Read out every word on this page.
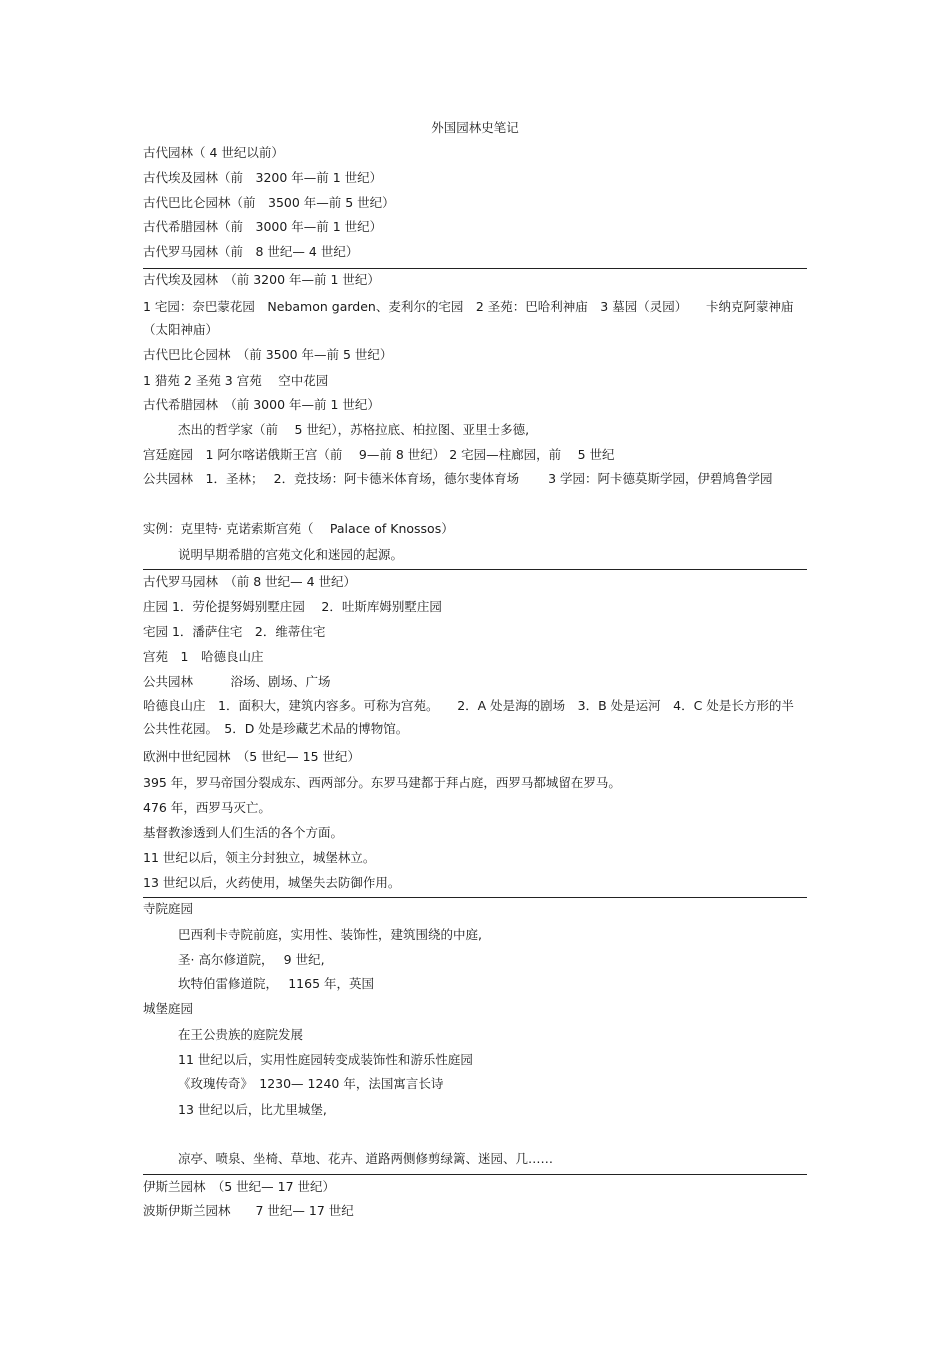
外国园林史笔记
古代园林（ 4 世纪以前）
古代埃及园林（前　3200 年—前 1 世纪）
古代巴比仑园林（前　3500 年—前 5 世纪）
古代希腊园林（前　3000 年—前 1 世纪）
古代罗马园林（前　8 世纪— 4 世纪）
古代埃及园林　（前 3200 年—前 1 世纪）
1 宅园：奈巴蒙花园　Nebamon garden、麦利尔的宅园　2 圣苑：巴哈利神庙　3 墓园（灵园）　　卡纳克阿蒙神庙（太阳神庙）
古代巴比仑园林　（前 3500 年—前 5 世纪）
1 猎苑 2 圣苑 3 宫苑　 空中花园
古代希腊园林　（前 3000 年—前 1 世纪）
杰出的哲学家（前　 5 世纪），苏格拉底、柏拉图、亚里士多德,
宫廷庭园　1 阿尔喀诺俄斯王宫（前　 9—前 8 世纪） 2 宅园—柱廊园，前　 5 世纪
公共园林　1．圣林；　 2．竞技场：阿卡德米体育场，德尔斐体育场　　 3 学园：阿卡德莫斯学园，伊碧鸠鲁学园
实例：克里特· 克诺索斯宫苑（　 Palace of Knossos）
说明早期希腊的宫苑文化和迷园的起源。
古代罗马园林　（前 8 世纪— 4 世纪）
庄园 1．劳伦提努姆别墅庄园　 2．吐斯库姆别墅庄园
宅园 1．潘萨住宅　2．维蒂住宅
宫苑　1　哈德良山庄
公共园林　　　浴场、剧场、广场
哈德良山庄　1．面积大，建筑内容多。可称为宫苑。　　2．A 处是海的剧场　3．B 处是运河　4．C 处是长方形的半公共性花园。　5．D 处是珍藏艺术品的博物馆。
欧洲中世纪园林　（5 世纪— 15 世纪）
395 年，罗马帝国分裂成东、西两部分。东罗马建都于拜占庭，西罗马都城留在罗马。
476 年，西罗马灭亡。
基督教渗透到人们生活的各个方面。
11 世纪以后，领主分封独立，城堡林立。
13 世纪以后，火药使用，城堡失去防御作用。
寺院庭园
巴西利卡寺院前庭，实用性、装饰性，建筑围绕的中庭,
圣· 高尔修道院，　 9 世纪,
坎特伯雷修道院，　 1165 年，英国
城堡庭园
在王公贵族的庭院发展
11 世纪以后，实用性庭园转变成装饰性和游乐性庭园
《玫瑰传奇》　1230— 1240 年，法国寓言长诗
13 世纪以后，比尤里城堡,
凉亭、喷泉、坐椅、草地、花卉、道路两侧修剪绿篱、迷园、几……
伊斯兰园林　（5 世纪— 17 世纪）
波斯伊斯兰园林　　7 世纪— 17 世纪
